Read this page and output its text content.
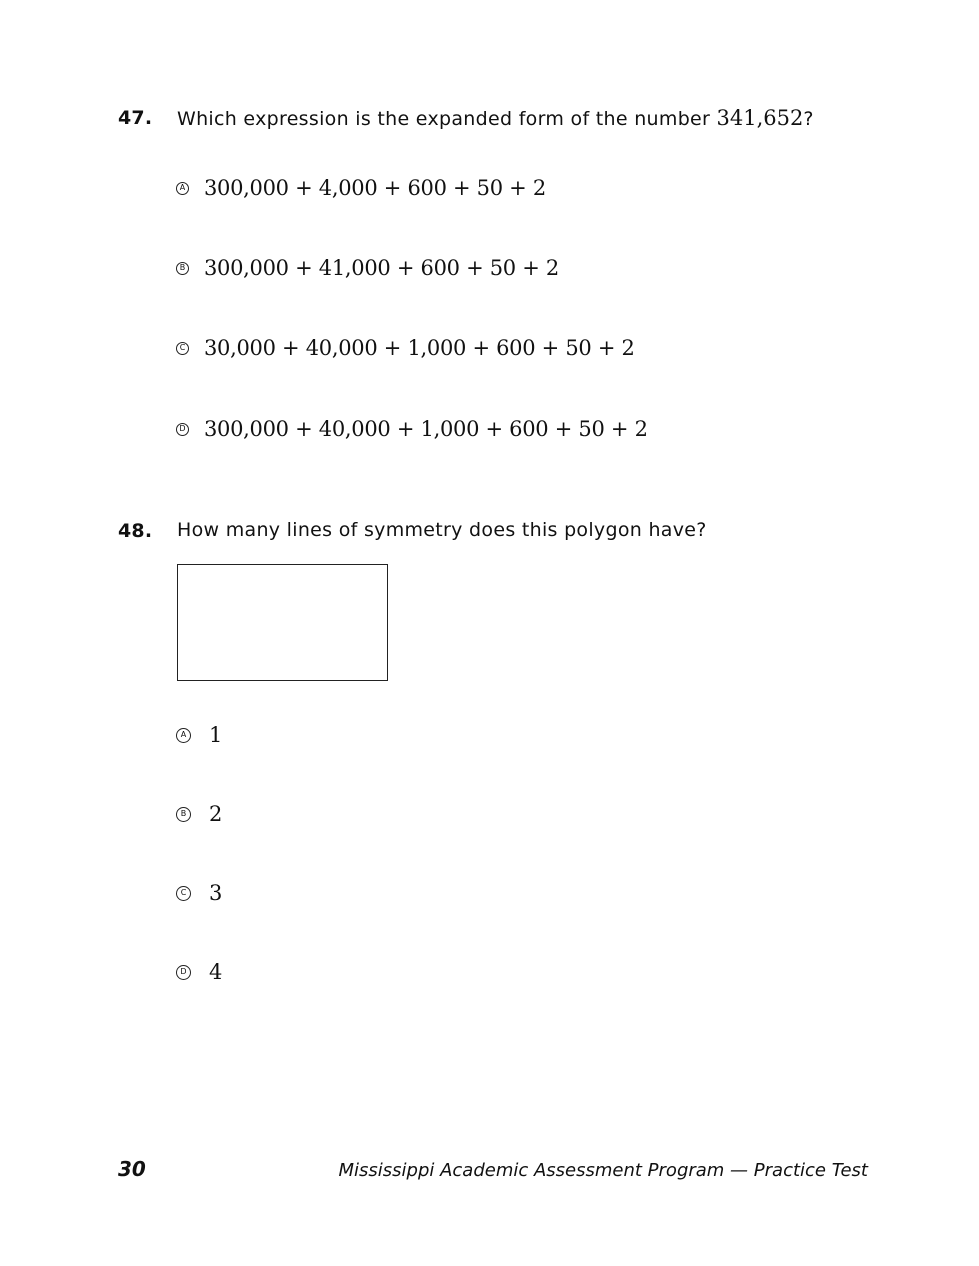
47. Which expression is the expanded form of the number 341,652?
A 300,000 + 4,000 + 600 + 50 + 2
B 300,000 + 41,000 + 600 + 50 + 2
C 30,000 + 40,000 + 1,000 + 600 + 50 + 2
D 300,000 + 40,000 + 1,000 + 600 + 50 + 2
48. How many lines of symmetry does this polygon have?
A 1
B 2
C 3
D 4
30	Mississippi Academic Assessment Program — Practice Test
